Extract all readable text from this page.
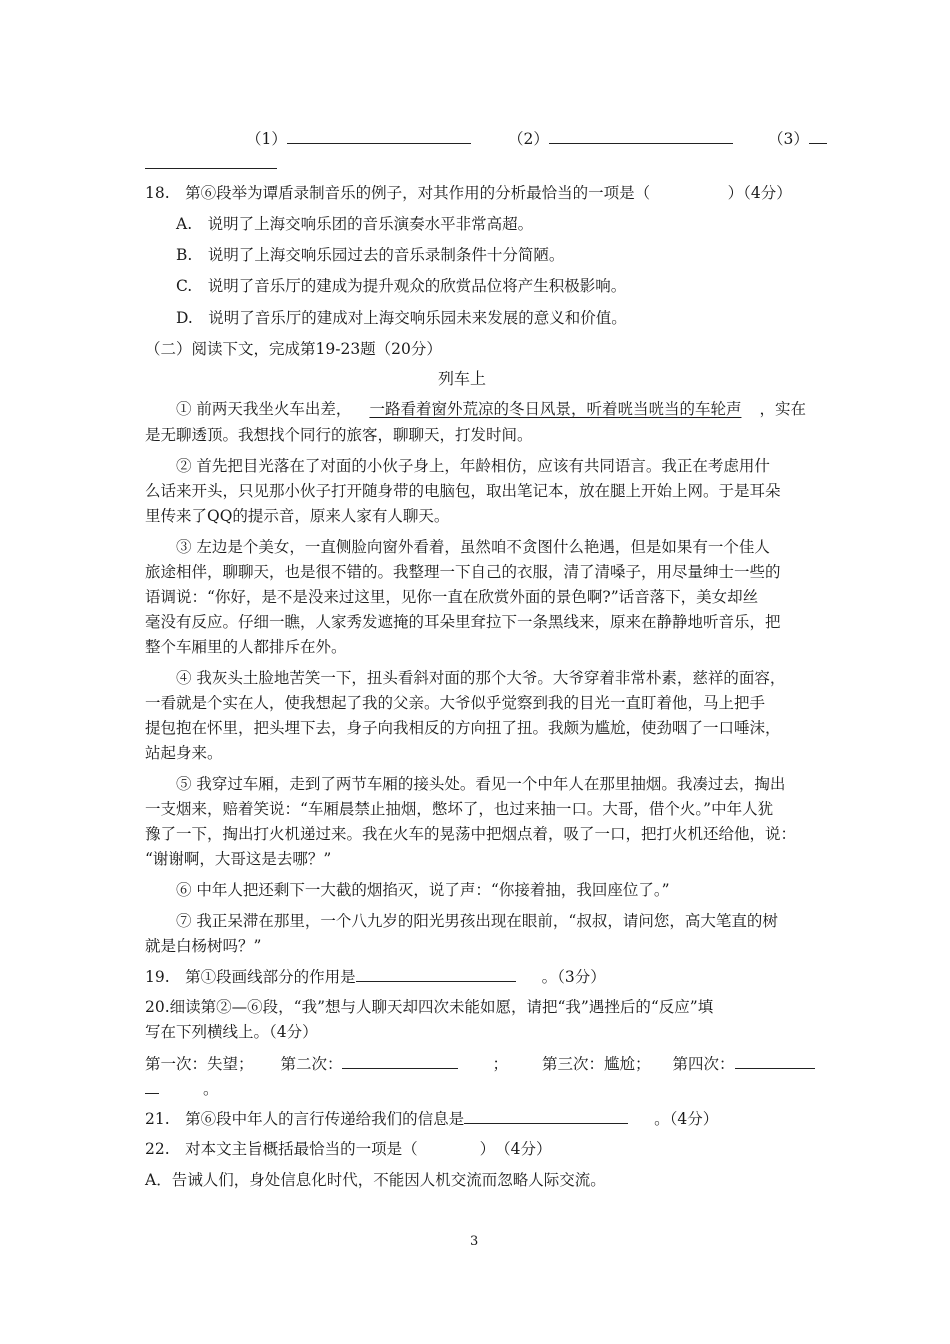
（1）	（2）	（3）
18.　第⑥段举为谭盾录制音乐的例子，对其作用的分析最恰当的一项是（　　　　　）（4分）
A.　说明了上海交响乐团的音乐演奏水平非常高超。
B.　说明了上海交响乐园过去的音乐录制条件十分简陋。
C.　说明了音乐厅的建成为提升观众的欣赏品位将产生积极影响。
D.　说明了音乐厅的建成对上海交响乐园未来发展的意义和价值。
（二）阅读下文，完成第19-23题（20分）
列车上
① 前两天我坐火车出差， 一路看着窗外荒凉的冬日风景，听着咣当咣当的车轮声 ，实在
是无聊透顶。我想找个同行的旅客，聊聊天，打发时间。
② 首先把目光落在了对面的小伙子身上，年龄相仿，应该有共同语言。我正在考虑用什
么话来开头，只见那小伙子打开随身带的电脑包，取出笔记本，放在腿上开始上网。于是耳朵
里传来了QQ的提示音，原来人家有人聊天。
③ 左边是个美女，一直侧脸向窗外看着，虽然咱不贪图什么艳遇，但是如果有一个佳人
旅途相伴，聊聊天，也是很不错的。我整理一下自己的衣服，清了清嗓子，用尽量绅士一些的
语调说：“你好，是不是没来过这里，见你一直在欣赏外面的景色啊?”话音落下，美女却丝
毫没有反应。仔细一瞧，人家秀发遮掩的耳朵里耷拉下一条黑线来，原来在静静地听音乐，把
整个车厢里的人都排斥在外。
④ 我灰头土脸地苦笑一下，扭头看斜对面的那个大爷。大爷穿着非常朴素，慈祥的面容，
一看就是个实在人，使我想起了我的父亲。大爷似乎觉察到我的目光一直盯着他，马上把手
提包抱在怀里，把头埋下去，身子向我相反的方向扭了扭。我颇为尴尬，使劲咽了一口唾沫，
站起身来。
⑤ 我穿过车厢，走到了两节车厢的接头处。看见一个中年人在那里抽烟。我凑过去，掏出
一支烟来，赔着笑说：“车厢晨禁止抽烟，憋坏了，也过来抽一口。大哥，借个火。”中年人犹
豫了一下，掏出打火机递过来。我在火车的晃荡中把烟点着，吸了一口，把打火机还给他，说：
“谢谢啊，大哥这是去哪？”
⑥ 中年人把还剩下一大截的烟掐灭，说了声：“你接着抽，我回座位了。”
⑦ 我正呆滞在那里，一个八九岁的阳光男孩出现在眼前，“叔叔，请问您，高大笔直的树
就是白杨树吗？”
19.　第①段画线部分的作用是	。（3分）
20.细读第②—⑥段，“我”想与人聊天却四次未能如愿，请把“我”遇挫后的“反应”填
写在下列横线上。（4分）
第一次：失望； 第二次：	； 第三次：尴尬； 第四次：
。
21.　第⑥段中年人的言行传递给我们的信息是	。（4分）
22.　对本文主旨概括最恰当的一项是（　　　　）　（4分）
A．告诫人们，身处信息化时代，不能因人机交流而忽略人际交流。
3
